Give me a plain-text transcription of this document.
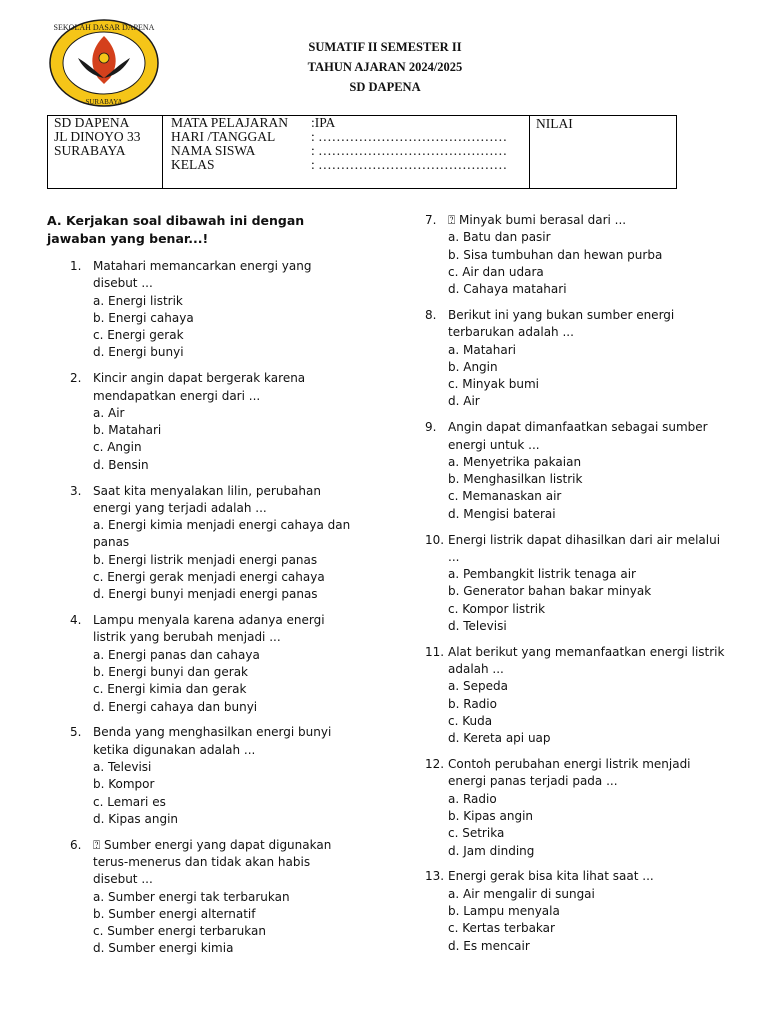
SEKOLAH DASAR DAPENA
SURABAYA
SUMATIF II SEMESTER II
TAHUN AJARAN 2024/2025
SD DAPENA
SD DAPENA
JL DINOYO 33
SURABAYA

MATA PELAJARAN	:IPA
HARI /TANGGAL	: ……………………………………
NAMA SISWA	: ……………………………………
KELAS	: ……………………………………
	NILAI
A. Kerjakan soal dibawah ini dengan jawaban yang benar...!
1. Matahari memancarkan energi yang disebut ...
a. Energi listrik
b. Energi cahaya
c. Energi gerak
d. Energi bunyi
2. Kincir angin dapat bergerak karena mendapatkan energi dari ...
a. Air
b. Matahari
c. Angin
d. Bensin
3. Saat kita menyalakan lilin, perubahan energi yang terjadi adalah ...
a. Energi kimia menjadi energi cahaya dan panas
b. Energi listrik menjadi energi panas
c. Energi gerak menjadi energi cahaya
d. Energi bunyi menjadi energi panas
4. Lampu menyala karena adanya energi listrik yang berubah menjadi ...
a. Energi panas dan cahaya
b. Energi bunyi dan gerak
c. Energi kimia dan gerak
d. Energi cahaya dan bunyi
5. Benda yang menghasilkan energi bunyi ketika digunakan adalah ...
a. Televisi
b. Kompor
c. Lemari es
d. Kipas angin
6. ⍰ Sumber energi yang dapat digunakan terus-menerus dan tidak akan habis disebut ...
a. Sumber energi tak terbarukan
b. Sumber energi alternatif
c. Sumber energi terbarukan
d. Sumber energi kimia
7. ⍰ Minyak bumi berasal dari ...
a. Batu dan pasir
b. Sisa tumbuhan dan hewan purba
c. Air dan udara
d. Cahaya matahari
8. Berikut ini yang bukan sumber energi terbarukan adalah ...
a. Matahari
b. Angin
c. Minyak bumi
d. Air
9. Angin dapat dimanfaatkan sebagai sumber energi untuk ...
a. Menyetrika pakaian
b. Menghasilkan listrik
c. Memanaskan air
d. Mengisi baterai
10. Energi listrik dapat dihasilkan dari air melalui ...
a. Pembangkit listrik tenaga air
b. Generator bahan bakar minyak
c. Kompor listrik
d. Televisi
11. Alat berikut yang memanfaatkan energi listrik adalah ...
a. Sepeda
b. Radio
c. Kuda
d. Kereta api uap
12. Contoh perubahan energi listrik menjadi energi panas terjadi pada ...
a. Radio
b. Kipas angin
c. Setrika
d. Jam dinding
13. Energi gerak bisa kita lihat saat ...
a. Air mengalir di sungai
b. Lampu menyala
c. Kertas terbakar
d. Es mencair
